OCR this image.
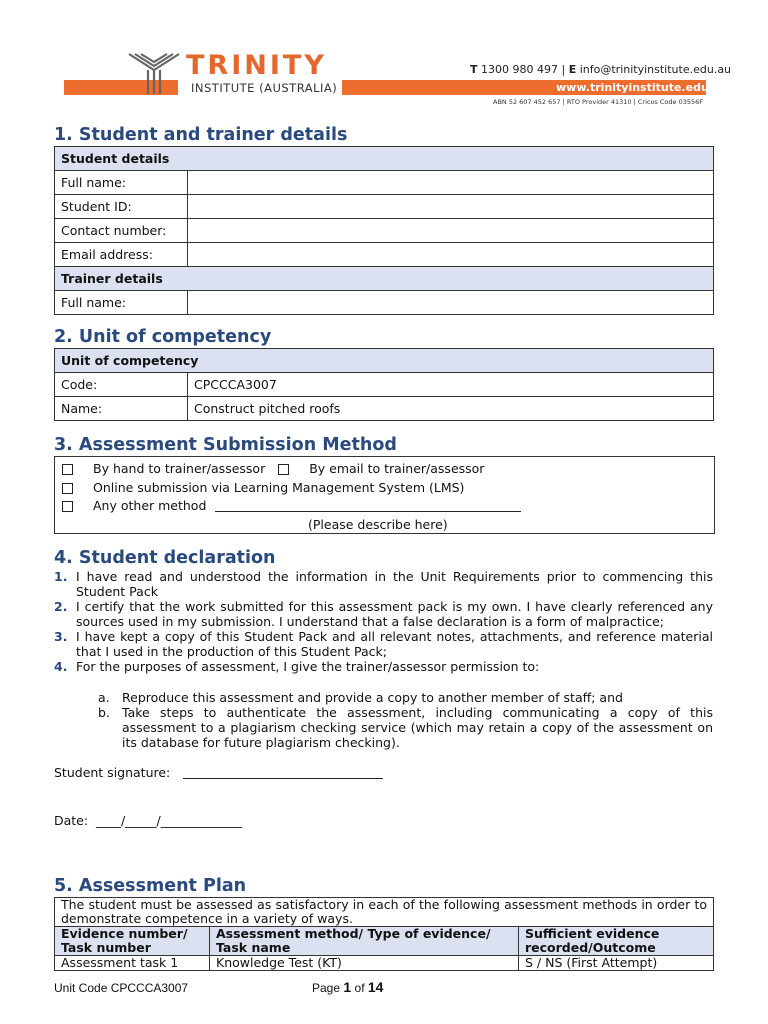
TRINITY
INSTITUTE (AUSTRALIA)
T 1300 980 497 | E info@trinityinstitute.edu.au
www.trinityinstitute.edu.au
ABN 52 607 452 657 | RTO Provider 41310 | Cricos Code 03556F
1. Student and trainer details
Student details	
Full name:	
Student ID:	
Contact number:	
Email address:	
Trainer details	
Full name:	
2. Unit of competency
Unit of competency	
Code:	CPCCCA3007
Name:	Construct pitched roofs
3. Assessment Submission Method
By hand to trainer/assessor	By email to trainer/assessor
Online submission via Learning Management System (LMS)
Any other method
(Please describe here)
4. Student declaration
1. I have read and understood the information in the Unit Requirements prior to commencing this Student Pack
2. I certify that the work submitted for this assessment pack is my own. I have clearly referenced any sources used in my submission. I understand that a false declaration is a form of malpractice;
3. I have kept a copy of this Student Pack and all relevant notes, attachments, and reference material that I used in the production of this Student Pack;
4. For the purposes of assessment, I give the trainer/assessor permission to:
a. Reproduce this assessment and provide a copy to another member of staff; and
b. Take steps to authenticate the assessment, including communicating a copy of this assessment to a plagiarism checking service (which may retain a copy of the assessment on its database for future plagiarism checking).
Student signature:
Date: ____/_____/_____________
5. Assessment Plan
The student must be assessed as satisfactory in each of the following assessment methods in order to demonstrate competence in a variety of ways.		
Evidence number/ Task number	Assessment method/ Type of evidence/ Task name	Sufficient evidence recorded/Outcome
Assessment task 1	Knowledge Test (KT)	S / NS (First Attempt)
Unit Code CPCCCA3007	Page 1 of 14
